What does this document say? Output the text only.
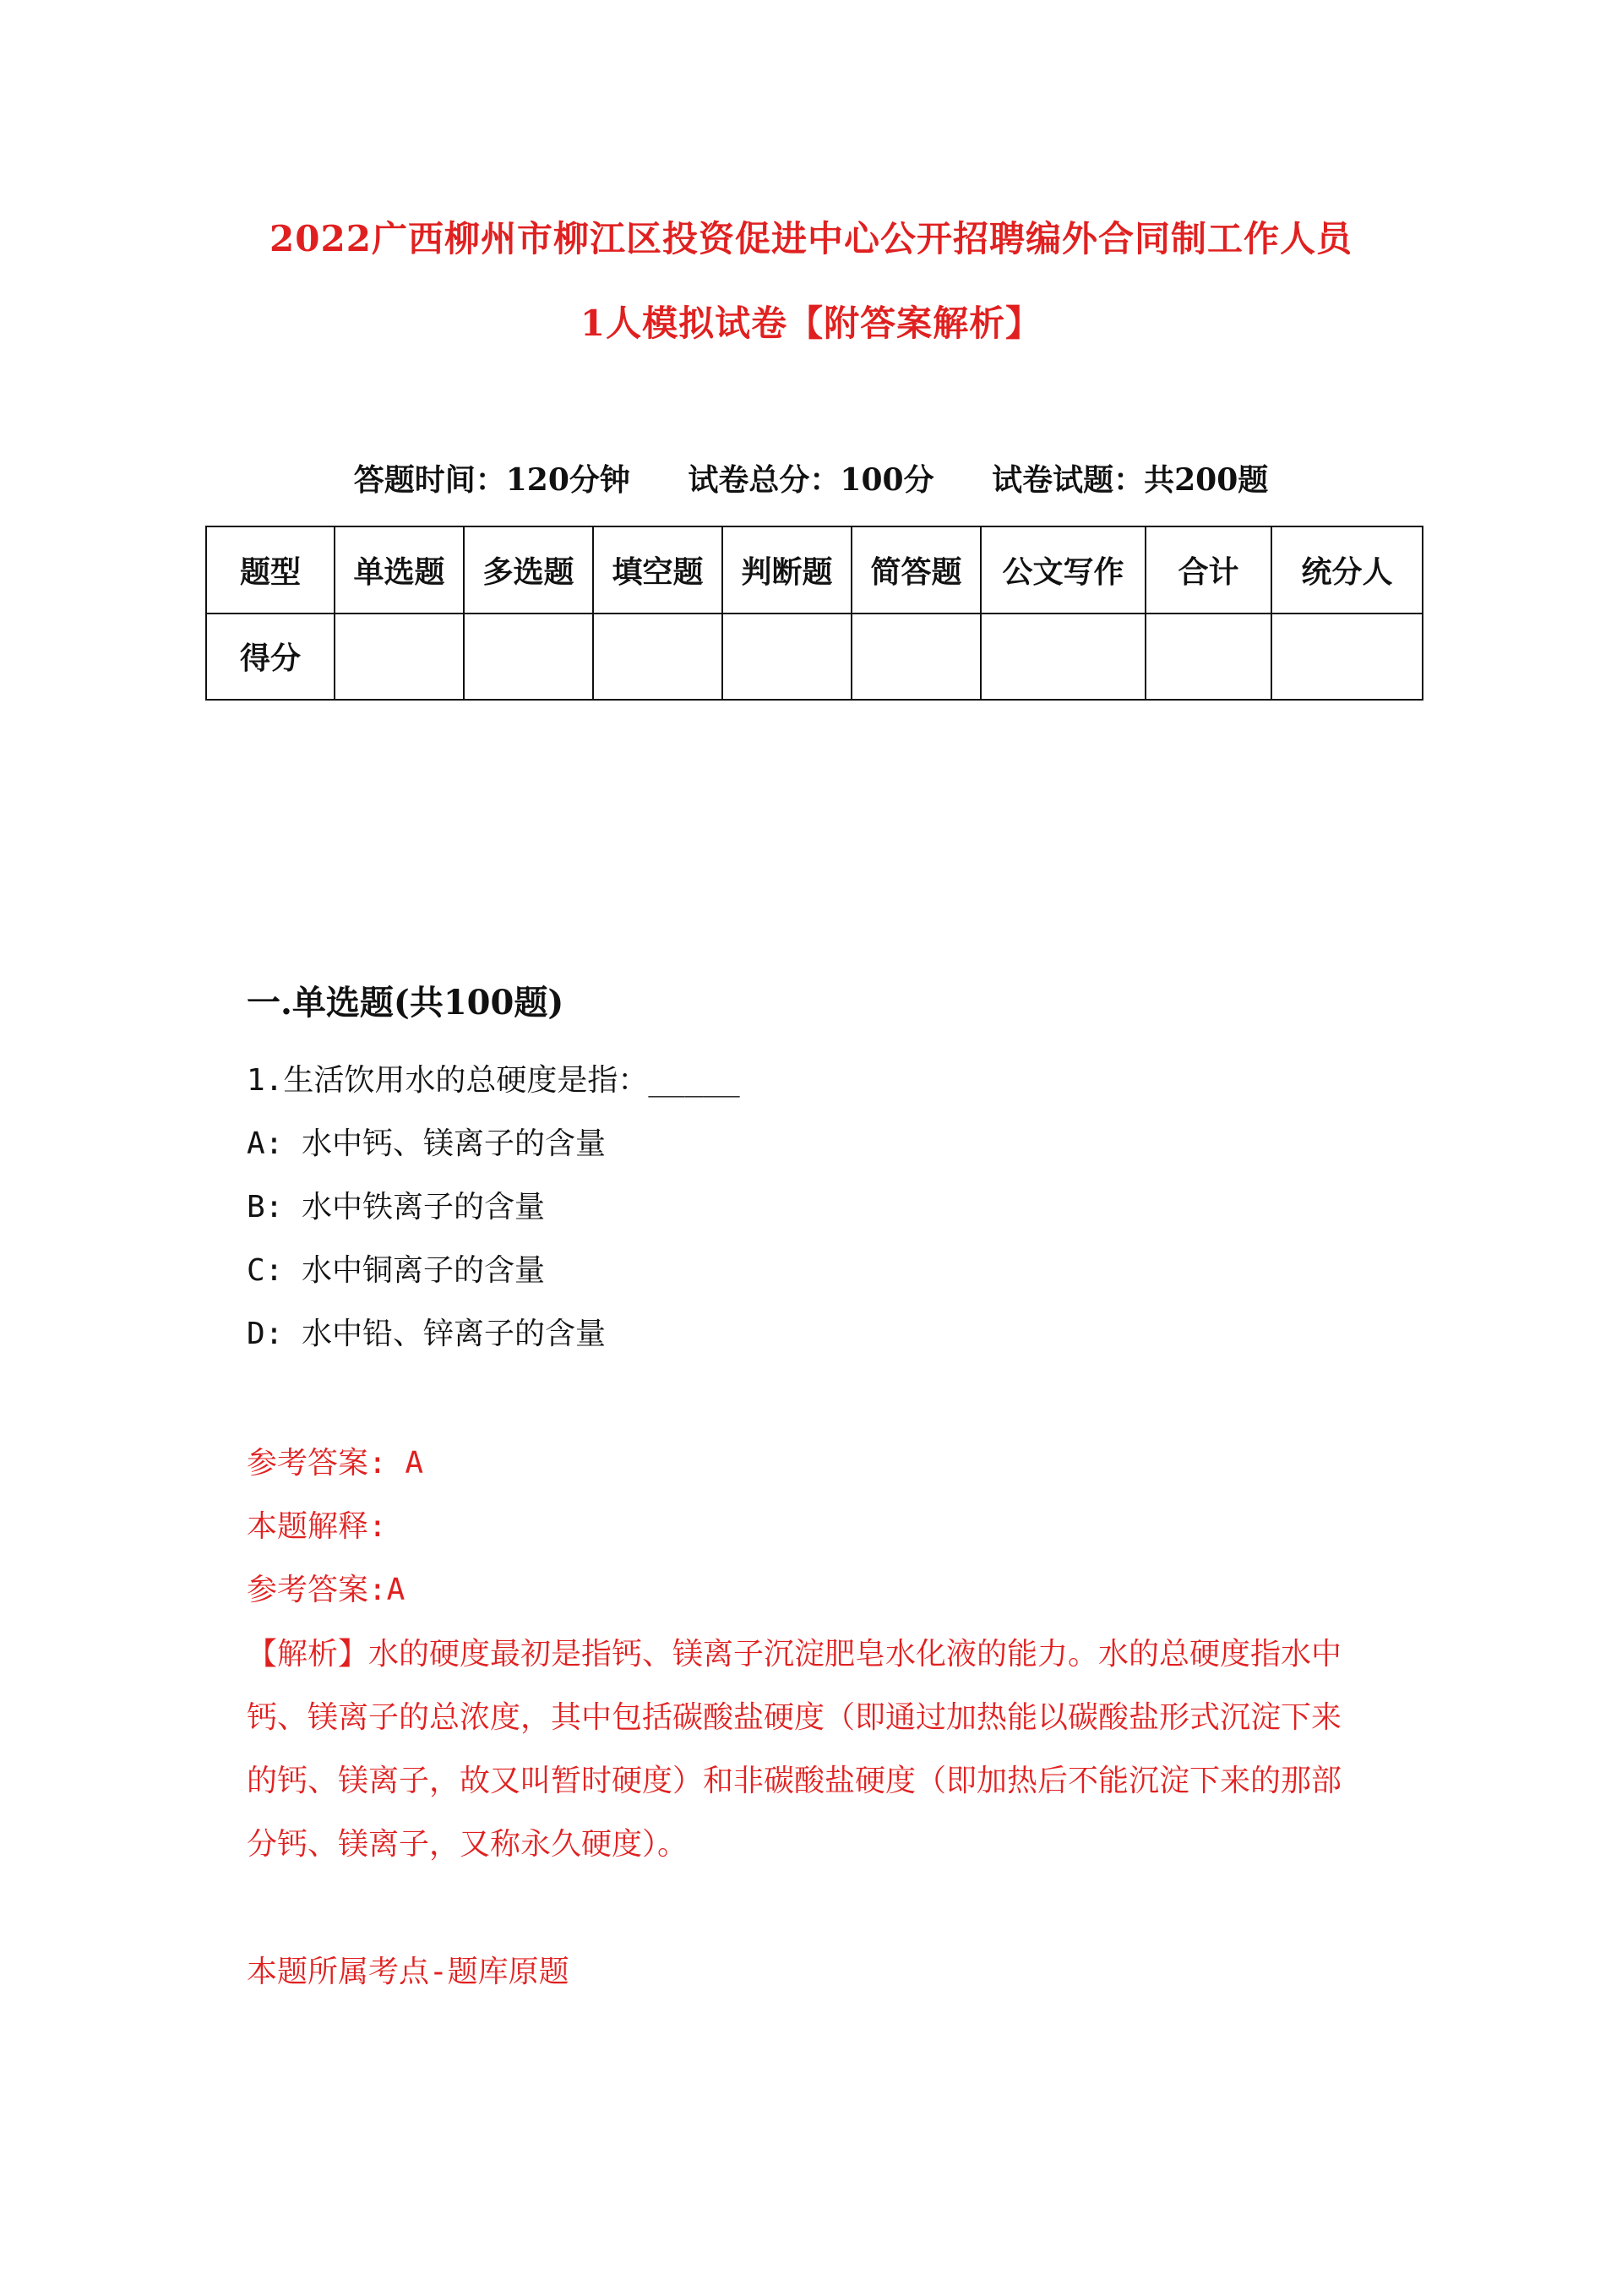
2022广西柳州市柳江区投资促进中心公开招聘编外合同制工作人员
1人模拟试卷【附答案解析】
答题时间：120分钟 试卷总分：100分 试卷试题：共200题
题型	单选题	多选题	填空题	判断题	简答题	公文写作	合计	统分人
得分								
一.单选题(共100题)
1.生活饮用水的总硬度是指：_____
A: 水中钙、镁离子的含量
B: 水中铁离子的含量
C: 水中铜离子的含量
D: 水中铅、锌离子的含量
参考答案: A
本题解释:
参考答案:A
【解析】水的硬度最初是指钙、镁离子沉淀肥皂水化液的能力。水的总硬度指水中钙、镁离子的总浓度，其中包括碳酸盐硬度（即通过加热能以碳酸盐形式沉淀下来的钙、镁离子，故又叫暂时硬度）和非碳酸盐硬度（即加热后不能沉淀下来的那部分钙、镁离子，又称永久硬度）。
本题所属考点-题库原题
